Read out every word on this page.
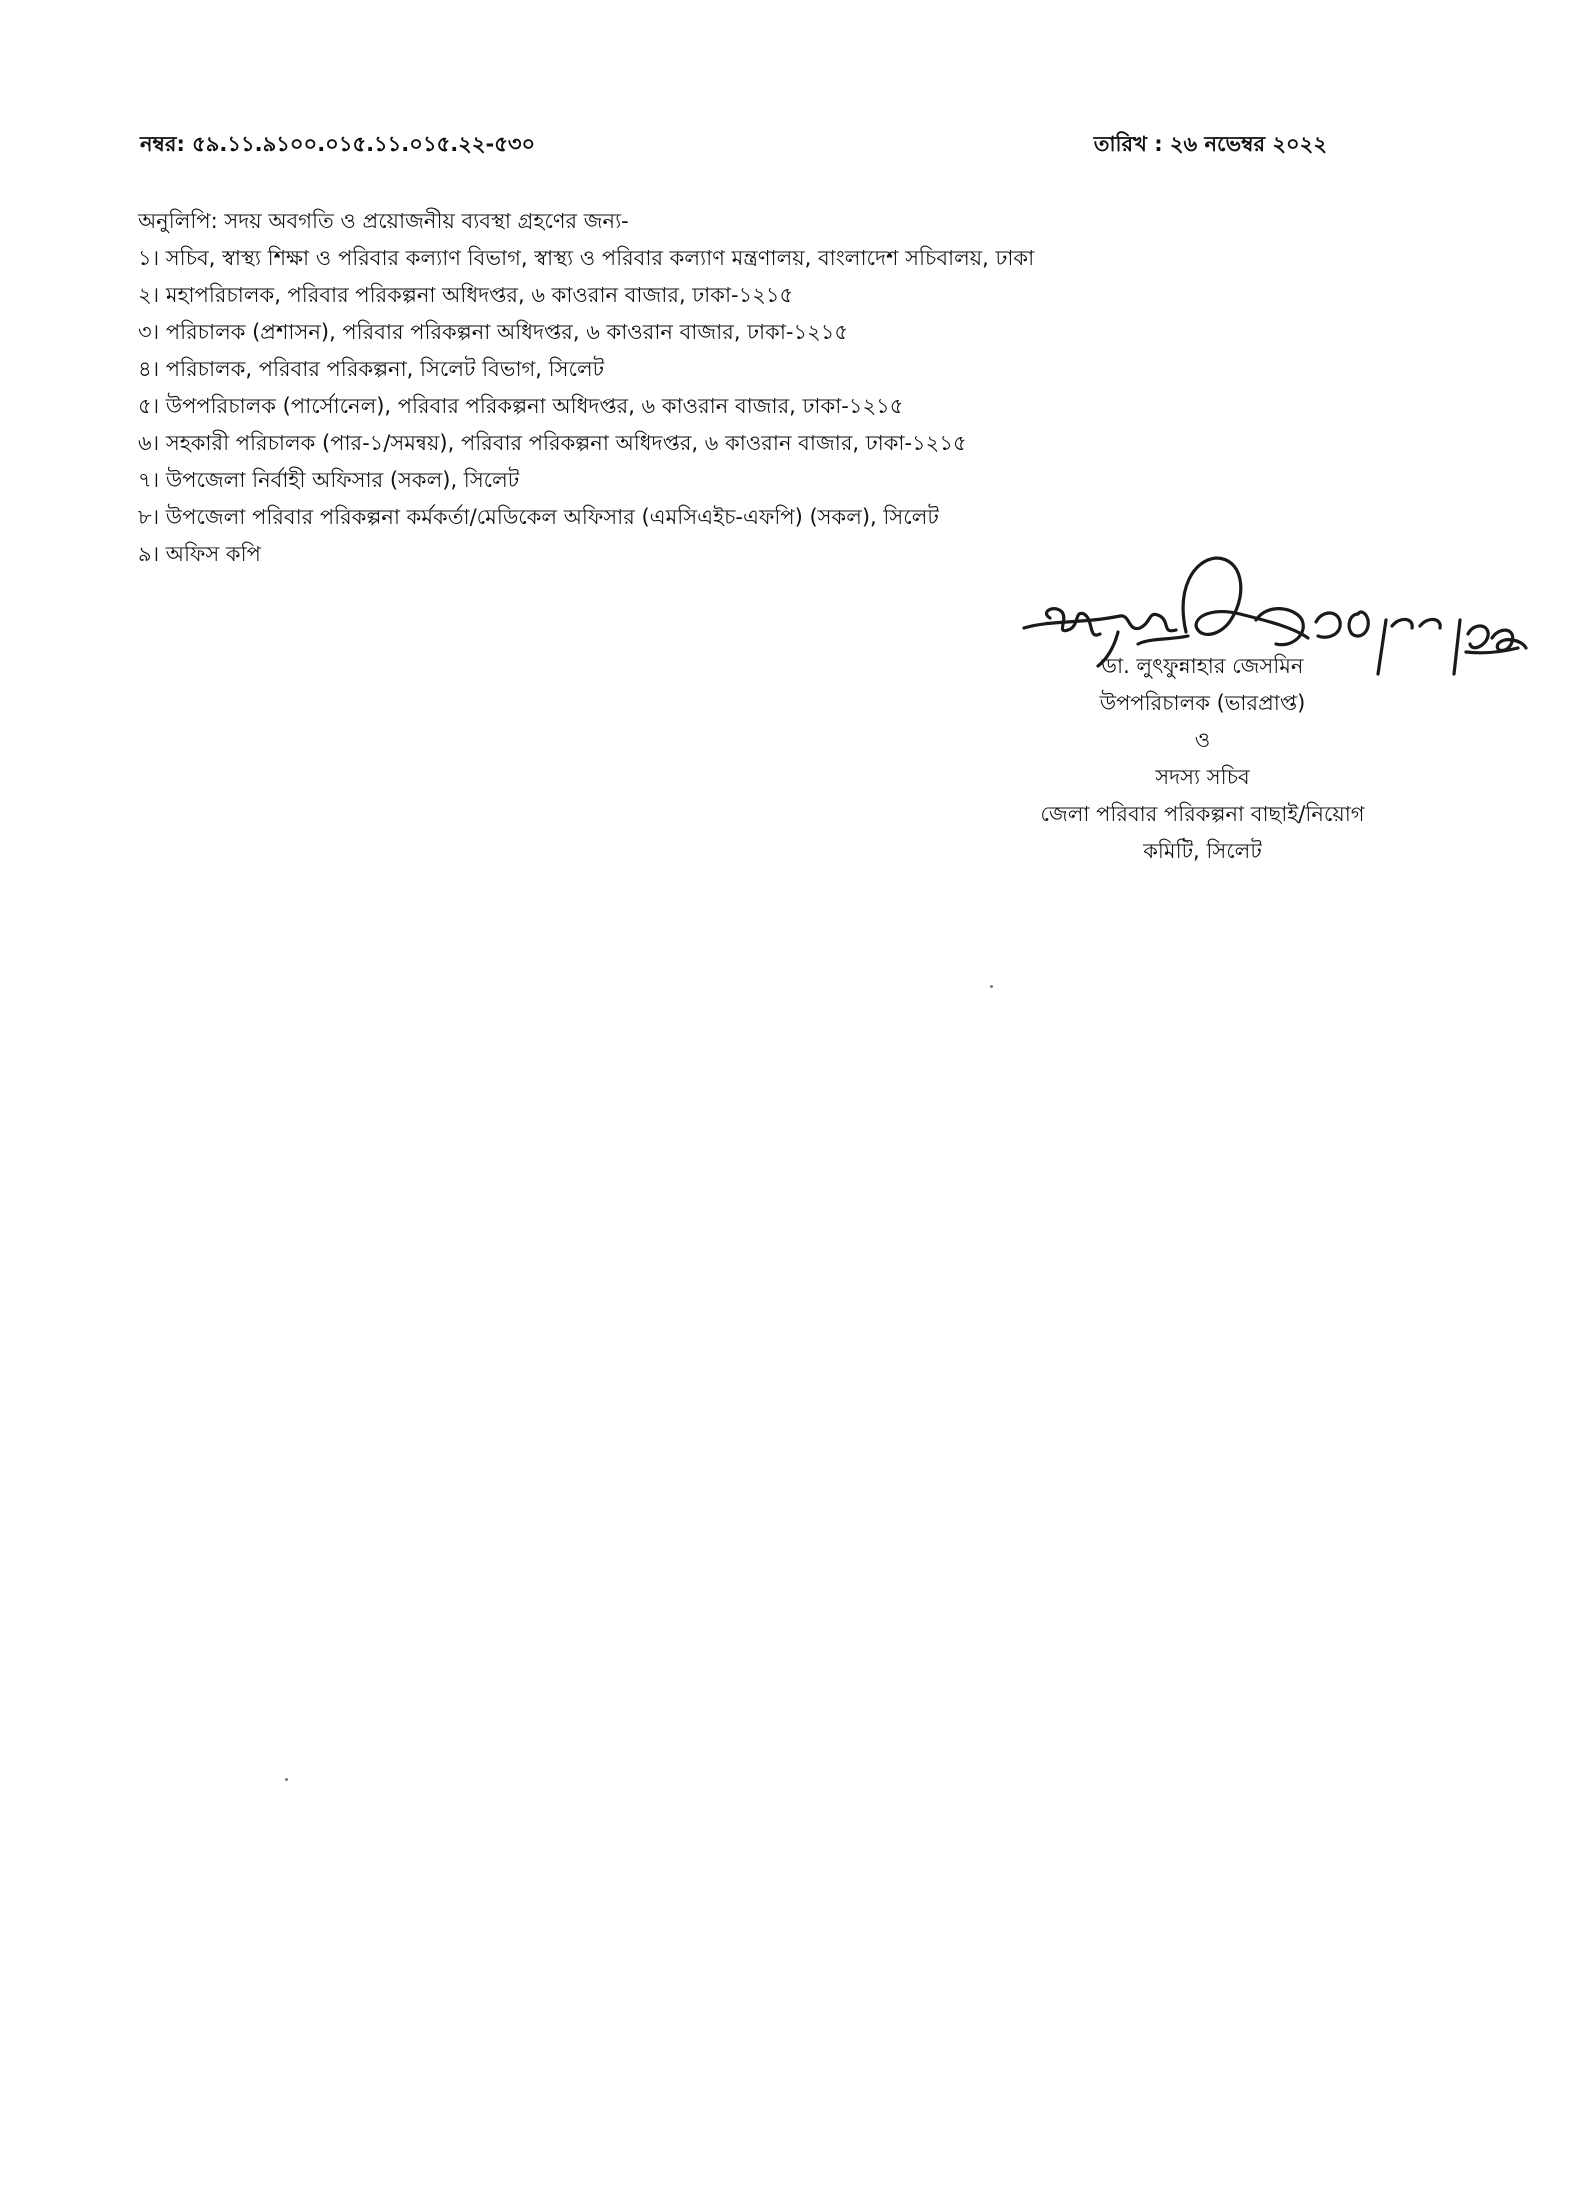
নম্বর: ৫৯.১১.৯১০০.০১৫.১১.০১৫.২২-৫৩০	তারিখ : ২৬ নভেম্বর ২০২২
অনুলিপি: সদয় অবগতি ও প্রয়োজনীয় ব্যবস্থা গ্রহণের জন্য-
১। সচিব, স্বাস্থ্য শিক্ষা ও পরিবার কল্যাণ বিভাগ, স্বাস্থ্য ও পরিবার কল্যাণ মন্ত্রণালয়, বাংলাদেশ সচিবালয়, ঢাকা
২। মহাপরিচালক, পরিবার পরিকল্পনা অধিদপ্তর, ৬ কাওরান বাজার, ঢাকা-১২১৫
৩। পরিচালক (প্রশাসন), পরিবার পরিকল্পনা অধিদপ্তর, ৬ কাওরান বাজার, ঢাকা-১২১৫
৪। পরিচালক, পরিবার পরিকল্পনা, সিলেট বিভাগ, সিলেট
৫। উপপরিচালক (পার্সোনেল), পরিবার পরিকল্পনা অধিদপ্তর, ৬ কাওরান বাজার, ঢাকা-১২১৫
৬। সহকারী পরিচালক (পার-১/সমন্বয়), পরিবার পরিকল্পনা অধিদপ্তর, ৬ কাওরান বাজার, ঢাকা-১২১৫
৭। উপজেলা নির্বাহী অফিসার (সকল), সিলেট
৮। উপজেলা পরিবার পরিকল্পনা কর্মকর্তা/মেডিকেল অফিসার (এমসিএইচ-এফপি) (সকল), সিলেট
৯। অফিস কপি
ডা. লুৎফুন্নাহার জেসমিন
উপপরিচালক (ভারপ্রাপ্ত)
ও
সদস্য সচিব
জেলা পরিবার পরিকল্পনা বাছাই/নিয়োগ
কমিটি, সিলেট
